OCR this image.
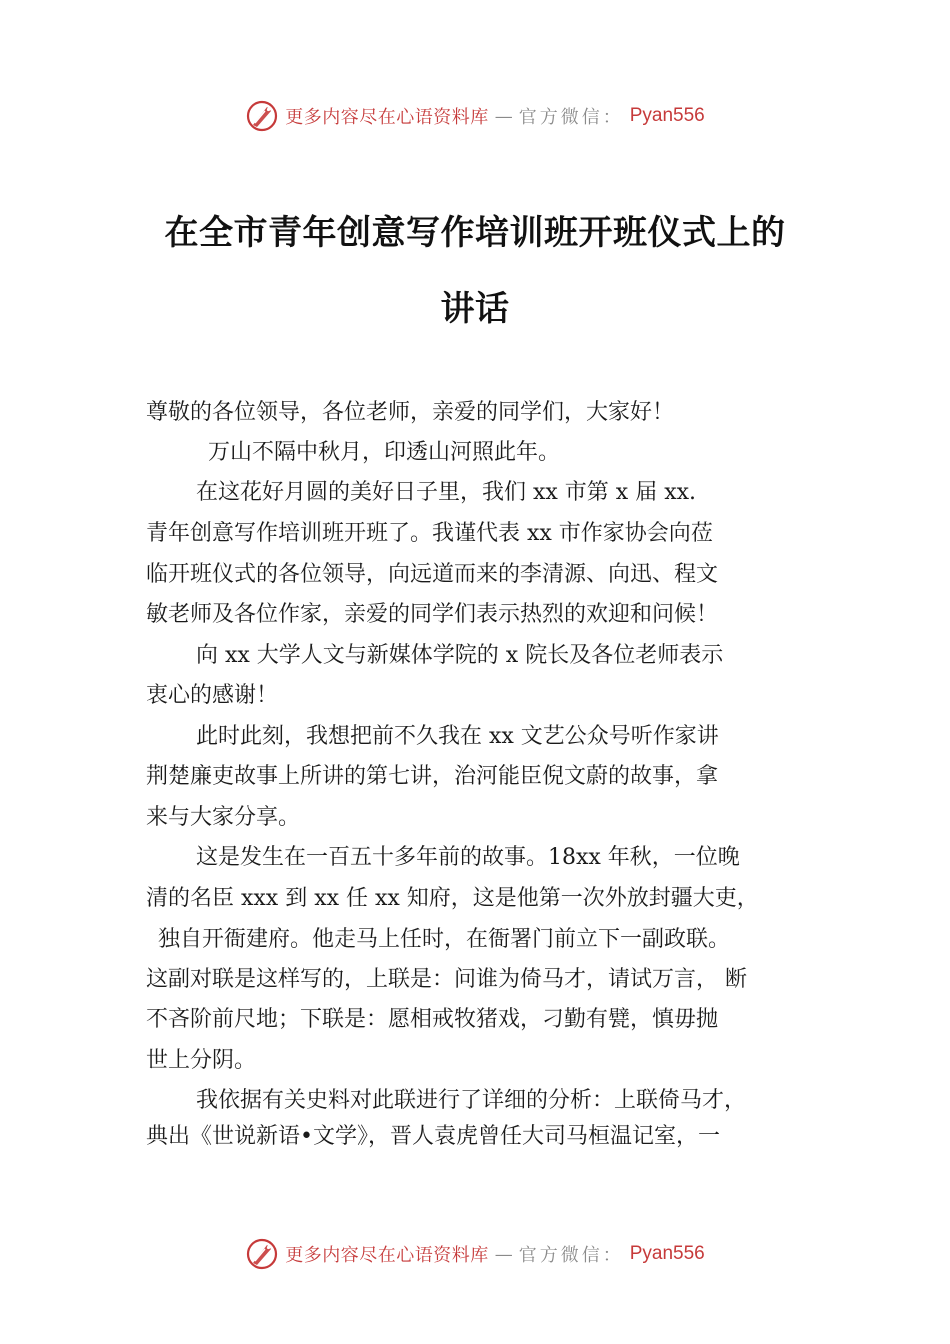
更多内容尽在心语资料库 — 官方微信： Pyan556
在全市青年创意写作培训班开班仪式上的
讲话
尊敬的各位领导，各位老师，亲爱的同学们，大家好！
万山不隔中秋月，印透山河照此年。
在这花好月圆的美好日子里，我们 xx 市第 x 届 xx.
青年创意写作培训班开班了。我谨代表 xx 市作家协会向莅
临开班仪式的各位领导，向远道而来的李清源、向迅、程文
敏老师及各位作家，亲爱的同学们表示热烈的欢迎和问候！
向 xx 大学人文与新媒体学院的 x 院长及各位老师表示
衷心的感谢！
此时此刻，我想把前不久我在 xx 文艺公众号听作家讲
荆楚廉吏故事上所讲的第七讲，治河能臣倪文蔚的故事，拿
来与大家分享。
这是发生在一百五十多年前的故事。18xx 年秋，一位晚
清的名臣 xxx 到 xx 任 xx 知府，这是他第一次外放封疆大吏，
独自开衙建府。他走马上任时，在衙署门前立下一副政联。
这副对联是这样写的，上联是：问谁为倚马才，请试万言， 断
不吝阶前尺地；下联是：愿相戒牧猪戏，刁勤有甓，慎毋抛
世上分阴。
我依据有关史料对此联进行了详细的分析：上联倚马才，
典出《世说新语•文学》，晋人袁虎曾任大司马桓温记室，一
更多内容尽在心语资料库 — 官方微信： Pyan556
